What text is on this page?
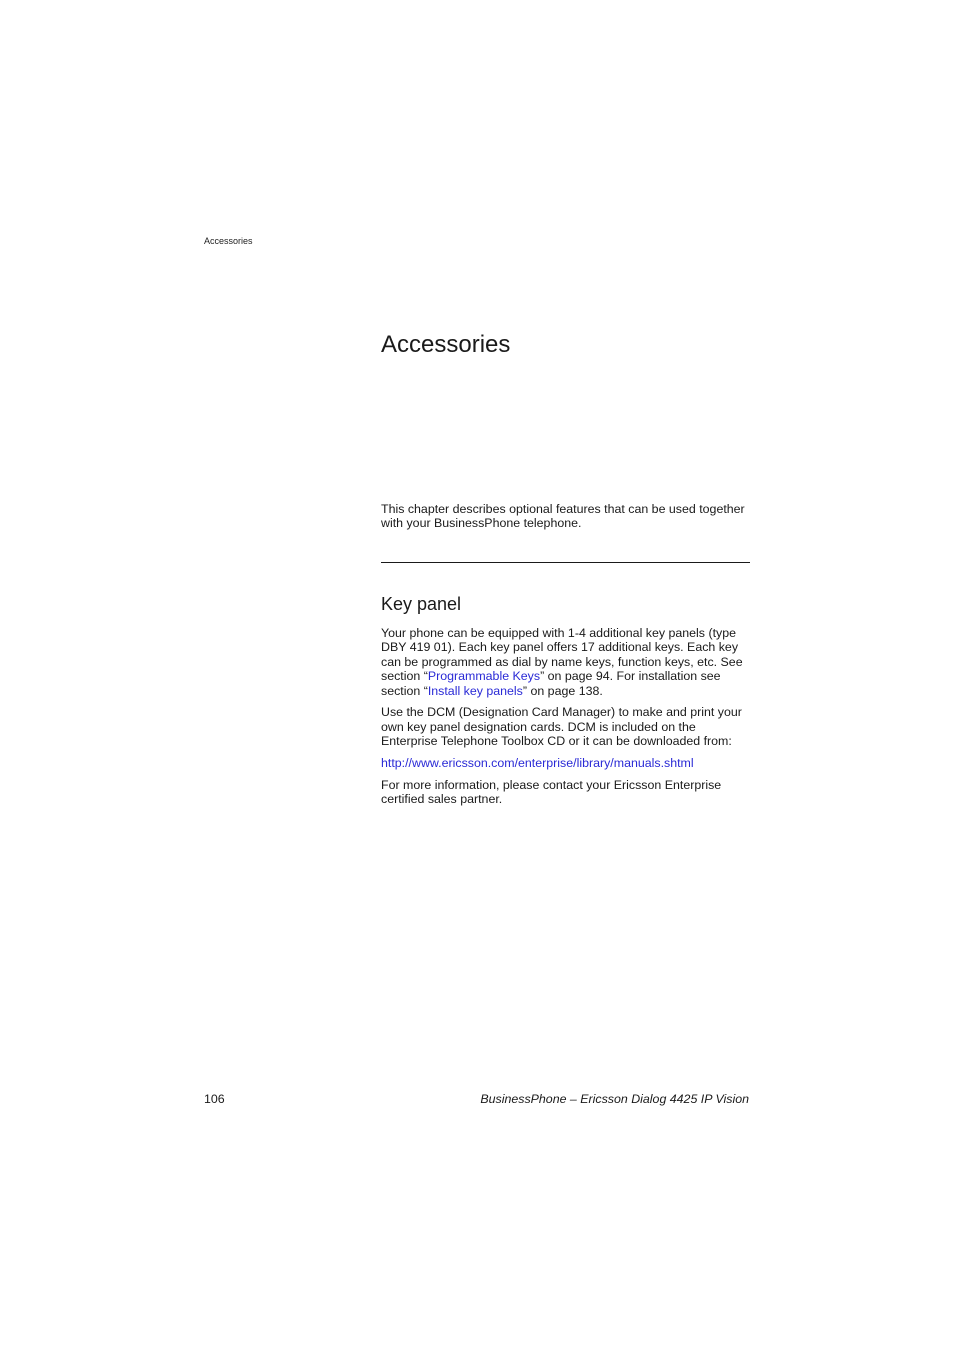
Accessories
Accessories

This chapter describes optional features that can be used together with your BusinessPhone telephone.

Key panel

Your phone can be equipped with 1-4 additional key panels (type DBY 419 01). Each key panel offers 17 additional keys. Each key can be programmed as dial by name keys, function keys, etc. See section “Programmable Keys” on page 94. For installation see section “Install key panels” on page 138.

Use the DCM (Designation Card Manager) to make and print your own key panel designation cards. DCM is included on the Enterprise Telephone Toolbox CD or it can be downloaded from:

http://www.ericsson.com/enterprise/library/manuals.shtml

For more information, please contact your Ericsson Enterprise certified sales partner.

106	BusinessPhone – Ericsson Dialog 4425 IP Vision
